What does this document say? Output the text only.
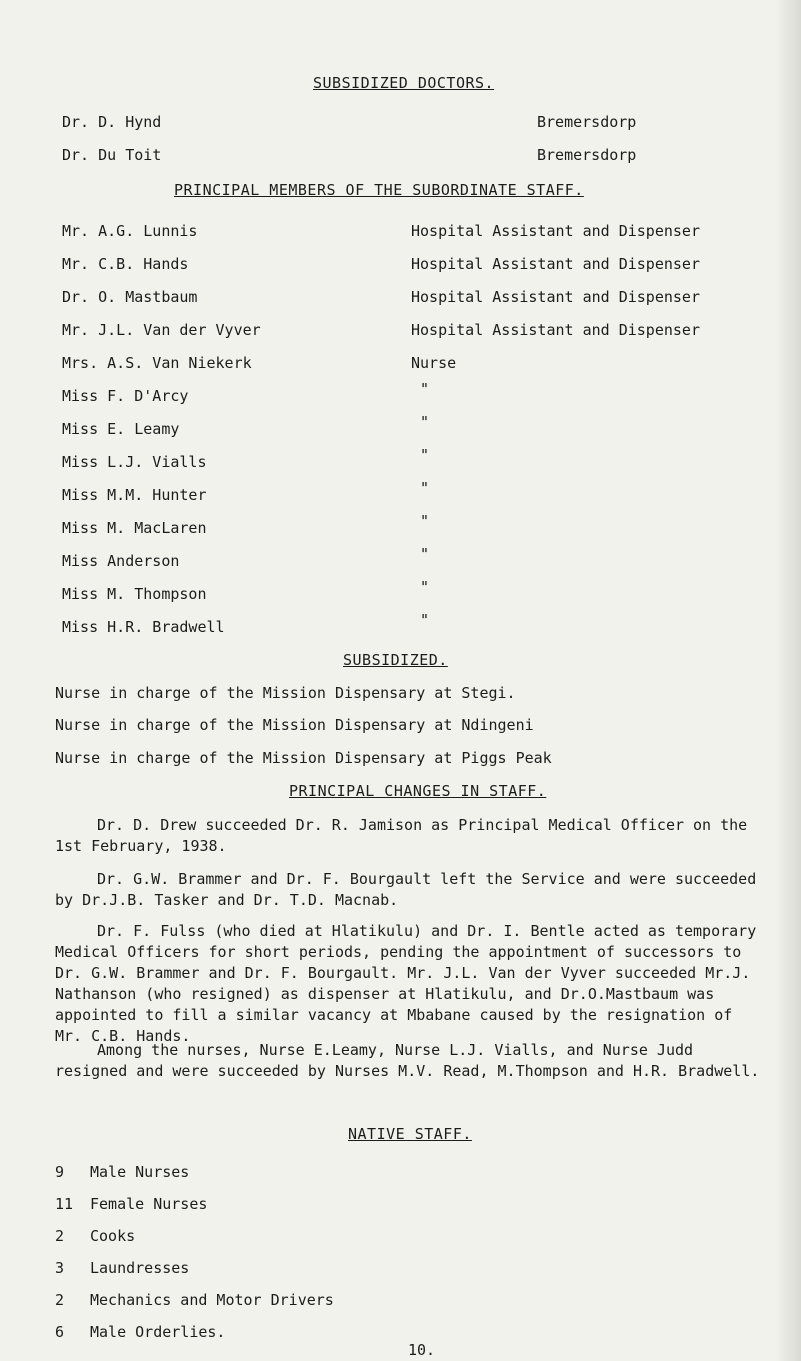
SUBSIDIZED DOCTORS.
Dr. D. Hynd	Bremersdorp
Dr. Du Toit	Bremersdorp
PRINCIPAL MEMBERS OF THE SUBORDINATE STAFF.
Mr. A.G. Lunnis	Hospital Assistant and Dispenser
Mr. C.B. Hands	Hospital Assistant and Dispenser
Dr. O. Mastbaum	Hospital Assistant and Dispenser
Mr. J.L. Van der Vyver	Hospital Assistant and Dispenser
Mrs. A.S. Van Niekerk	Nurse
Miss F. D'Arcy	"
Miss E. Leamy	"
Miss L.J. Vialls	"
Miss M.M. Hunter	"
Miss M. MacLaren	"
Miss Anderson	"
Miss M. Thompson	"
Miss H.R. Bradwell	"
SUBSIDIZED.
Nurse in charge of the Mission Dispensary at Stegi.
Nurse in charge of the Mission Dispensary at Ndingeni
Nurse in charge of the Mission Dispensary at Piggs Peak
PRINCIPAL CHANGES IN STAFF.
Dr. D. Drew succeeded Dr. R. Jamison as Principal Medical Officer on the 1st February, 1938.
Dr. G.W. Brammer and Dr. F. Bourgault left the Service and were succeeded by Dr.J.B. Tasker and Dr. T.D. Macnab.
Dr. F. Fulss (who died at Hlatikulu) and Dr. I. Bentle acted as temporary Medical Officers for short periods, pending the appointment of successors to Dr. G.W. Brammer and Dr. F. Bourgault. Mr. J.L. Van der Vyver succeeded Mr.J. Nathanson (who resigned) as dispenser at Hlatikulu, and Dr.O.Mastbaum was appointed to fill a similar vacancy at Mbabane caused by the resignation of Mr. C.B. Hands.
Among the nurses, Nurse E.Leamy, Nurse L.J. Vialls, and Nurse Judd resigned and were succeeded by Nurses M.V. Read, M.Thompson and H.R. Bradwell.
NATIVE STAFF.
9 Male Nurses
11 Female Nurses
2 Cooks
3 Laundresses
2 Mechanics and Motor Drivers
6 Male Orderlies.
10.
